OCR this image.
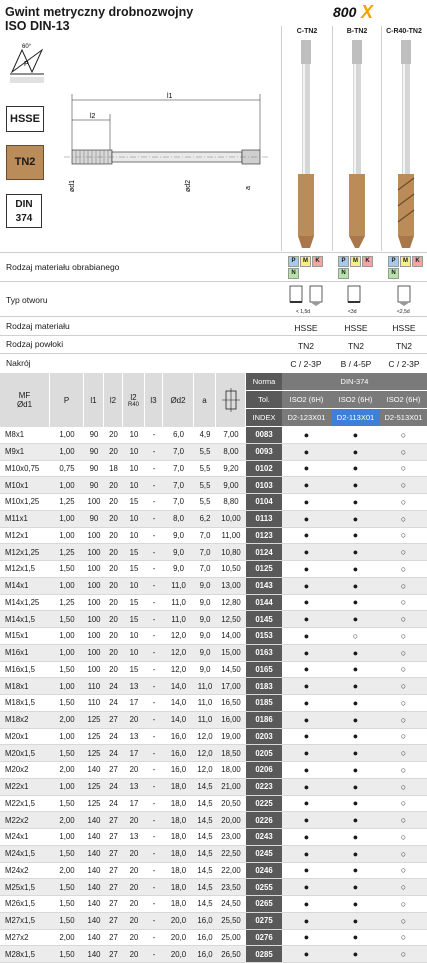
Gwint metryczny drobnozwojny
ISO DIN-13
800 X
C-TN2	B-TN2	C-R40-TN2
60°
P
HSSE
TN2
DIN
374
l1
l2
ød1	ød2	a
Rodzaj materiału obrabianego
P	M	K
N
P	M	K
N
P	M	K
N
Typ otworu
< 1,5d	<3d	<2,5d
Rodzaj materiału	HSSE	HSSE	HSSE
Rodzaj powłoki	TN2	TN2	TN2
Nakrój	C / 2-3P	B / 4-5P	C / 2-3P
MF
Ød1	P	l1	l2	l2
R40	l3	Ød2	a
Norma	DIN-374
Tol.	ISO2 (6H)	ISO2 (6H)	ISO2 (6H)
INDEX	D2-123X01	D2-113X01	D2-513X01
M8x1	1,00	90	20	10	-	6,0	4,9	7,00	0083	●	●	○
M9x1	1,00	90	20	10	-	7,0	5,5	8,00	0093	●	●	○
M10x0,75	0,75	90	18	10	-	7,0	5,5	9,20	0102	●	●	○
M10x1	1,00	90	20	10	-	7,0	5,5	9,00	0103	●	●	○
M10x1,25	1,25	100	20	15	-	7,0	5,5	8,80	0104	●	●	○
M11x1	1,00	90	20	10	-	8,0	6,2	10,00	0113	●	●	○
M12x1	1,00	100	20	10	-	9,0	7,0	11,00	0123	●	●	○
M12x1,25	1,25	100	20	15	-	9,0	7,0	10,80	0124	●	●	○
M12x1,5	1,50	100	20	15	-	9,0	7,0	10,50	0125	●	●	○
M14x1	1,00	100	20	10	-	11,0	9,0	13,00	0143	●	●	○
M14x1,25	1,25	100	20	15	-	11,0	9,0	12,80	0144	●	●	○
M14x1,5	1,50	100	20	15	-	11,0	9,0	12,50	0145	●	●	○
M15x1	1,00	100	20	10	-	12,0	9,0	14,00	0153	●	○	○
M16x1	1,00	100	20	10	-	12,0	9,0	15,00	0163	●	●	○
M16x1,5	1,50	100	20	15	-	12,0	9,0	14,50	0165	●	●	○
M18x1	1,00	110	24	13	-	14,0	11,0	17,00	0183	●	●	○
M18x1,5	1,50	110	24	17	-	14,0	11,0	16,50	0185	●	●	○
M18x2	2,00	125	27	20	-	14,0	11,0	16,00	0186	●	●	○
M20x1	1,00	125	24	13	-	16,0	12,0	19,00	0203	●	●	○
M20x1,5	1,50	125	24	17	-	16,0	12,0	18,50	0205	●	●	○
M20x2	2,00	140	27	20	-	16,0	12,0	18,00	0206	●	●	○
M22x1	1,00	125	24	13	-	18,0	14,5	21,00	0223	●	●	○
M22x1,5	1,50	125	24	17	-	18,0	14,5	20,50	0225	●	●	○
M22x2	2,00	140	27	20	-	18,0	14,5	20,00	0226	●	●	○
M24x1	1,00	140	27	13	-	18,0	14,5	23,00	0243	●	●	○
M24x1,5	1,50	140	27	20	-	18,0	14,5	22,50	0245	●	●	○
M24x2	2,00	140	27	20	-	18,0	14,5	22,00	0246	●	●	○
M25x1,5	1,50	140	27	20	-	18,0	14,5	23,50	0255	●	●	○
M26x1,5	1,50	140	27	20	-	18,0	14,5	24,50	0265	●	●	○
M27x1,5	1,50	140	27	20	-	20,0	16,0	25,50	0275	●	●	○
M27x2	2,00	140	27	20	-	20,0	16,0	25,00	0276	●	●	○
M28x1,5	1,50	140	27	20	-	20,0	16,0	26,50	0285	●	●	○
